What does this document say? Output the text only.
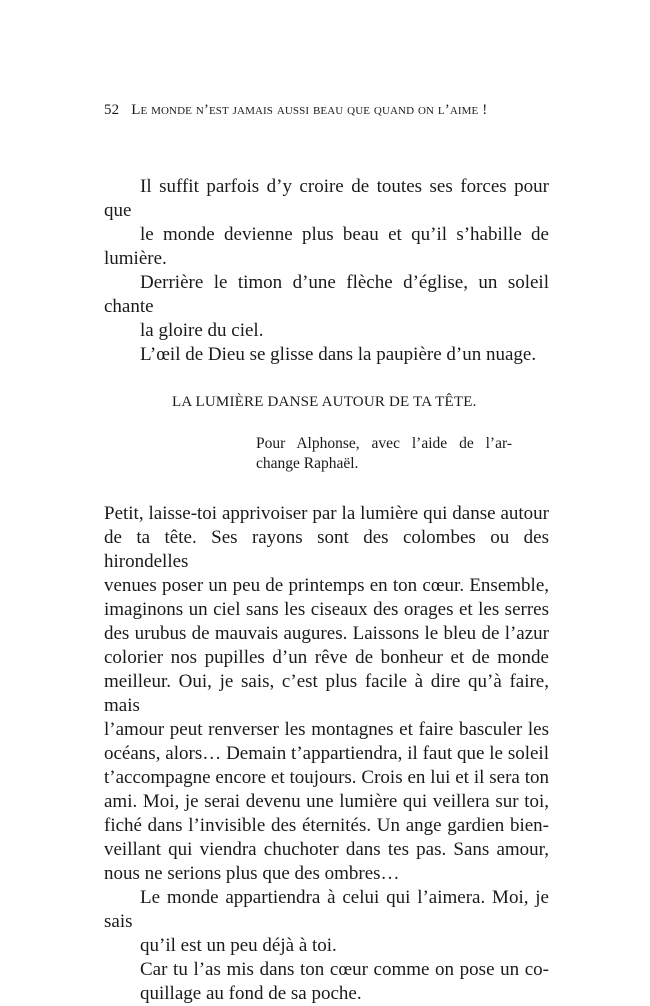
52 Le monde n’est jamais aussi beau que quand on l’aime !

Il suffit parfois d’y croire de toutes ses forces pour que
le monde devienne plus beau et qu’il s’habille de lumière.

Derrière le timon d’une flèche d’église, un soleil chante
la gloire du ciel.

L’œil de Dieu se glisse dans la paupière d’un nuage.

LA LUMIÈRE DANSE AUTOUR DE TA TÊTE.
Pour Alphonse, avec l’aide de l’ar-
change Raphaël.

Petit, laisse-toi apprivoiser par la lumière qui danse autour
de ta tête. Ses rayons sont des colombes ou des hirondelles
venues poser un peu de printemps en ton cœur. Ensemble,
imaginons un ciel sans les ciseaux des orages et les serres
des urubus de mauvais augures. Laissons le bleu de l’azur
colorier nos pupilles d’un rêve de bonheur et de monde
meilleur. Oui, je sais, c’est plus facile à dire qu’à faire, mais
l’amour peut renverser les montagnes et faire basculer les
océans, alors… Demain t’appartiendra, il faut que le soleil
t’accompagne encore et toujours. Crois en lui et il sera ton
ami. Moi, je serai devenu une lumière qui veillera sur toi,
fiché dans l’invisible des éternités. Un ange gardien bien-
veillant qui viendra chuchoter dans tes pas. Sans amour,
nous ne serions plus que des ombres…

Le monde appartiendra à celui qui l’aimera. Moi, je sais
qu’il est un peu déjà à toi.

Car tu l’as mis dans ton cœur comme on pose un co-
quillage au fond de sa poche.
